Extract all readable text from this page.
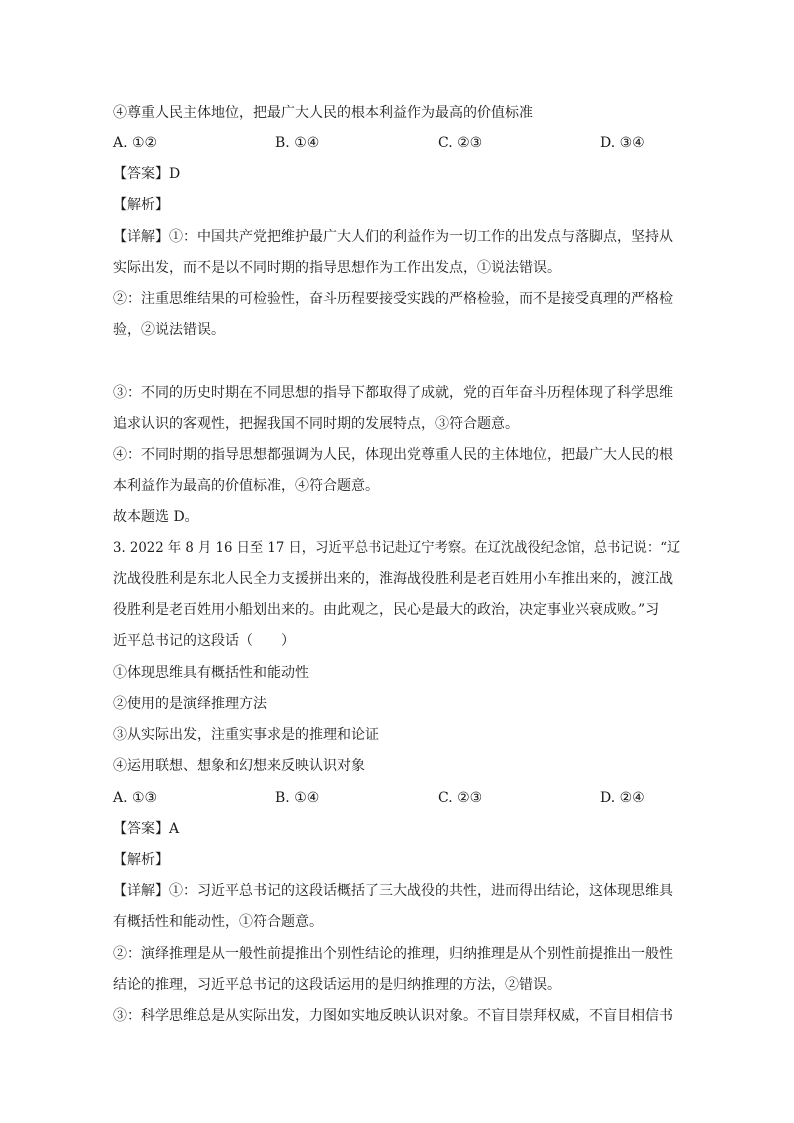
④尊重人民主体地位，把最广大人民的根本利益作为最高的价值标准
A. ①②	B. ①④	C. ②③	D. ③④
【答案】D
【解析】
【详解】①：中国共产党把维护最广大人们的利益作为一切工作的出发点与落脚点，坚持从
实际出发，而不是以不同时期的指导思想作为工作出发点，①说法错误。
②：注重思维结果的可检验性，奋斗历程要接受实践的严格检验，而不是接受真理的严格检
验，②说法错误。
③：不同的历史时期在不同思想的指导下都取得了成就，党的百年奋斗历程体现了科学思维
追求认识的客观性，把握我国不同时期的发展特点，③符合题意。
④：不同时期的指导思想都强调为人民，体现出党尊重人民的主体地位，把最广大人民的根
本利益作为最高的价值标准，④符合题意。
故本题选 D。
3. 2022 年 8 月 16 日至 17 日，习近平总书记赴辽宁考察。在辽沈战役纪念馆，总书记说：“辽
沈战役胜利是东北人民全力支援拼出来的，淮海战役胜利是老百姓用小车推出来的，渡江战
役胜利是老百姓用小船划出来的。由此观之，民心是最大的政治，决定事业兴衰成败。”习
近平总书记的这段话（　　）
①体现思维具有概括性和能动性
②使用的是演绎推理方法
③从实际出发，注重实事求是的推理和论证
④运用联想、想象和幻想来反映认识对象
A. ①③	B. ①④	C. ②③	D. ②④
【答案】A
【解析】
【详解】①：习近平总书记的这段话概括了三大战役的共性，进而得出结论，这体现思维具
有概括性和能动性，①符合题意。
②：演绎推理是从一般性前提推出个别性结论的推理，归纳推理是从个别性前提推出一般性
结论的推理，习近平总书记的这段话运用的是归纳推理的方法，②错误。
③：科学思维总是从实际出发，力图如实地反映认识对象。不盲目崇拜权威，不盲目相信书
